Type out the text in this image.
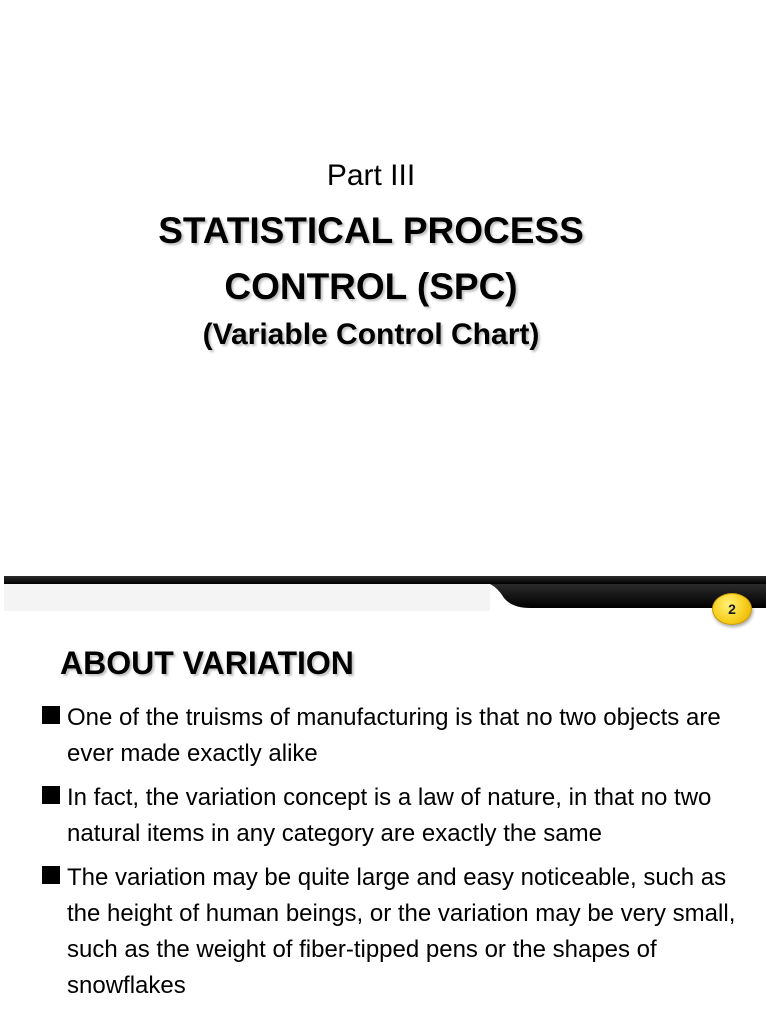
Part III
STATISTICAL PROCESS
CONTROL (SPC)
(Variable Control Chart)
2
ABOUT VARIATION
One of the truisms of manufacturing is that no two objects are ever made exactly alike
In fact, the variation concept is a law of nature, in that no two natural items in any category are exactly the same
The variation may be quite large and easy noticeable, such as the height of human beings, or the variation may be very small, such as the weight of fiber-tipped pens or the shapes of snowflakes
